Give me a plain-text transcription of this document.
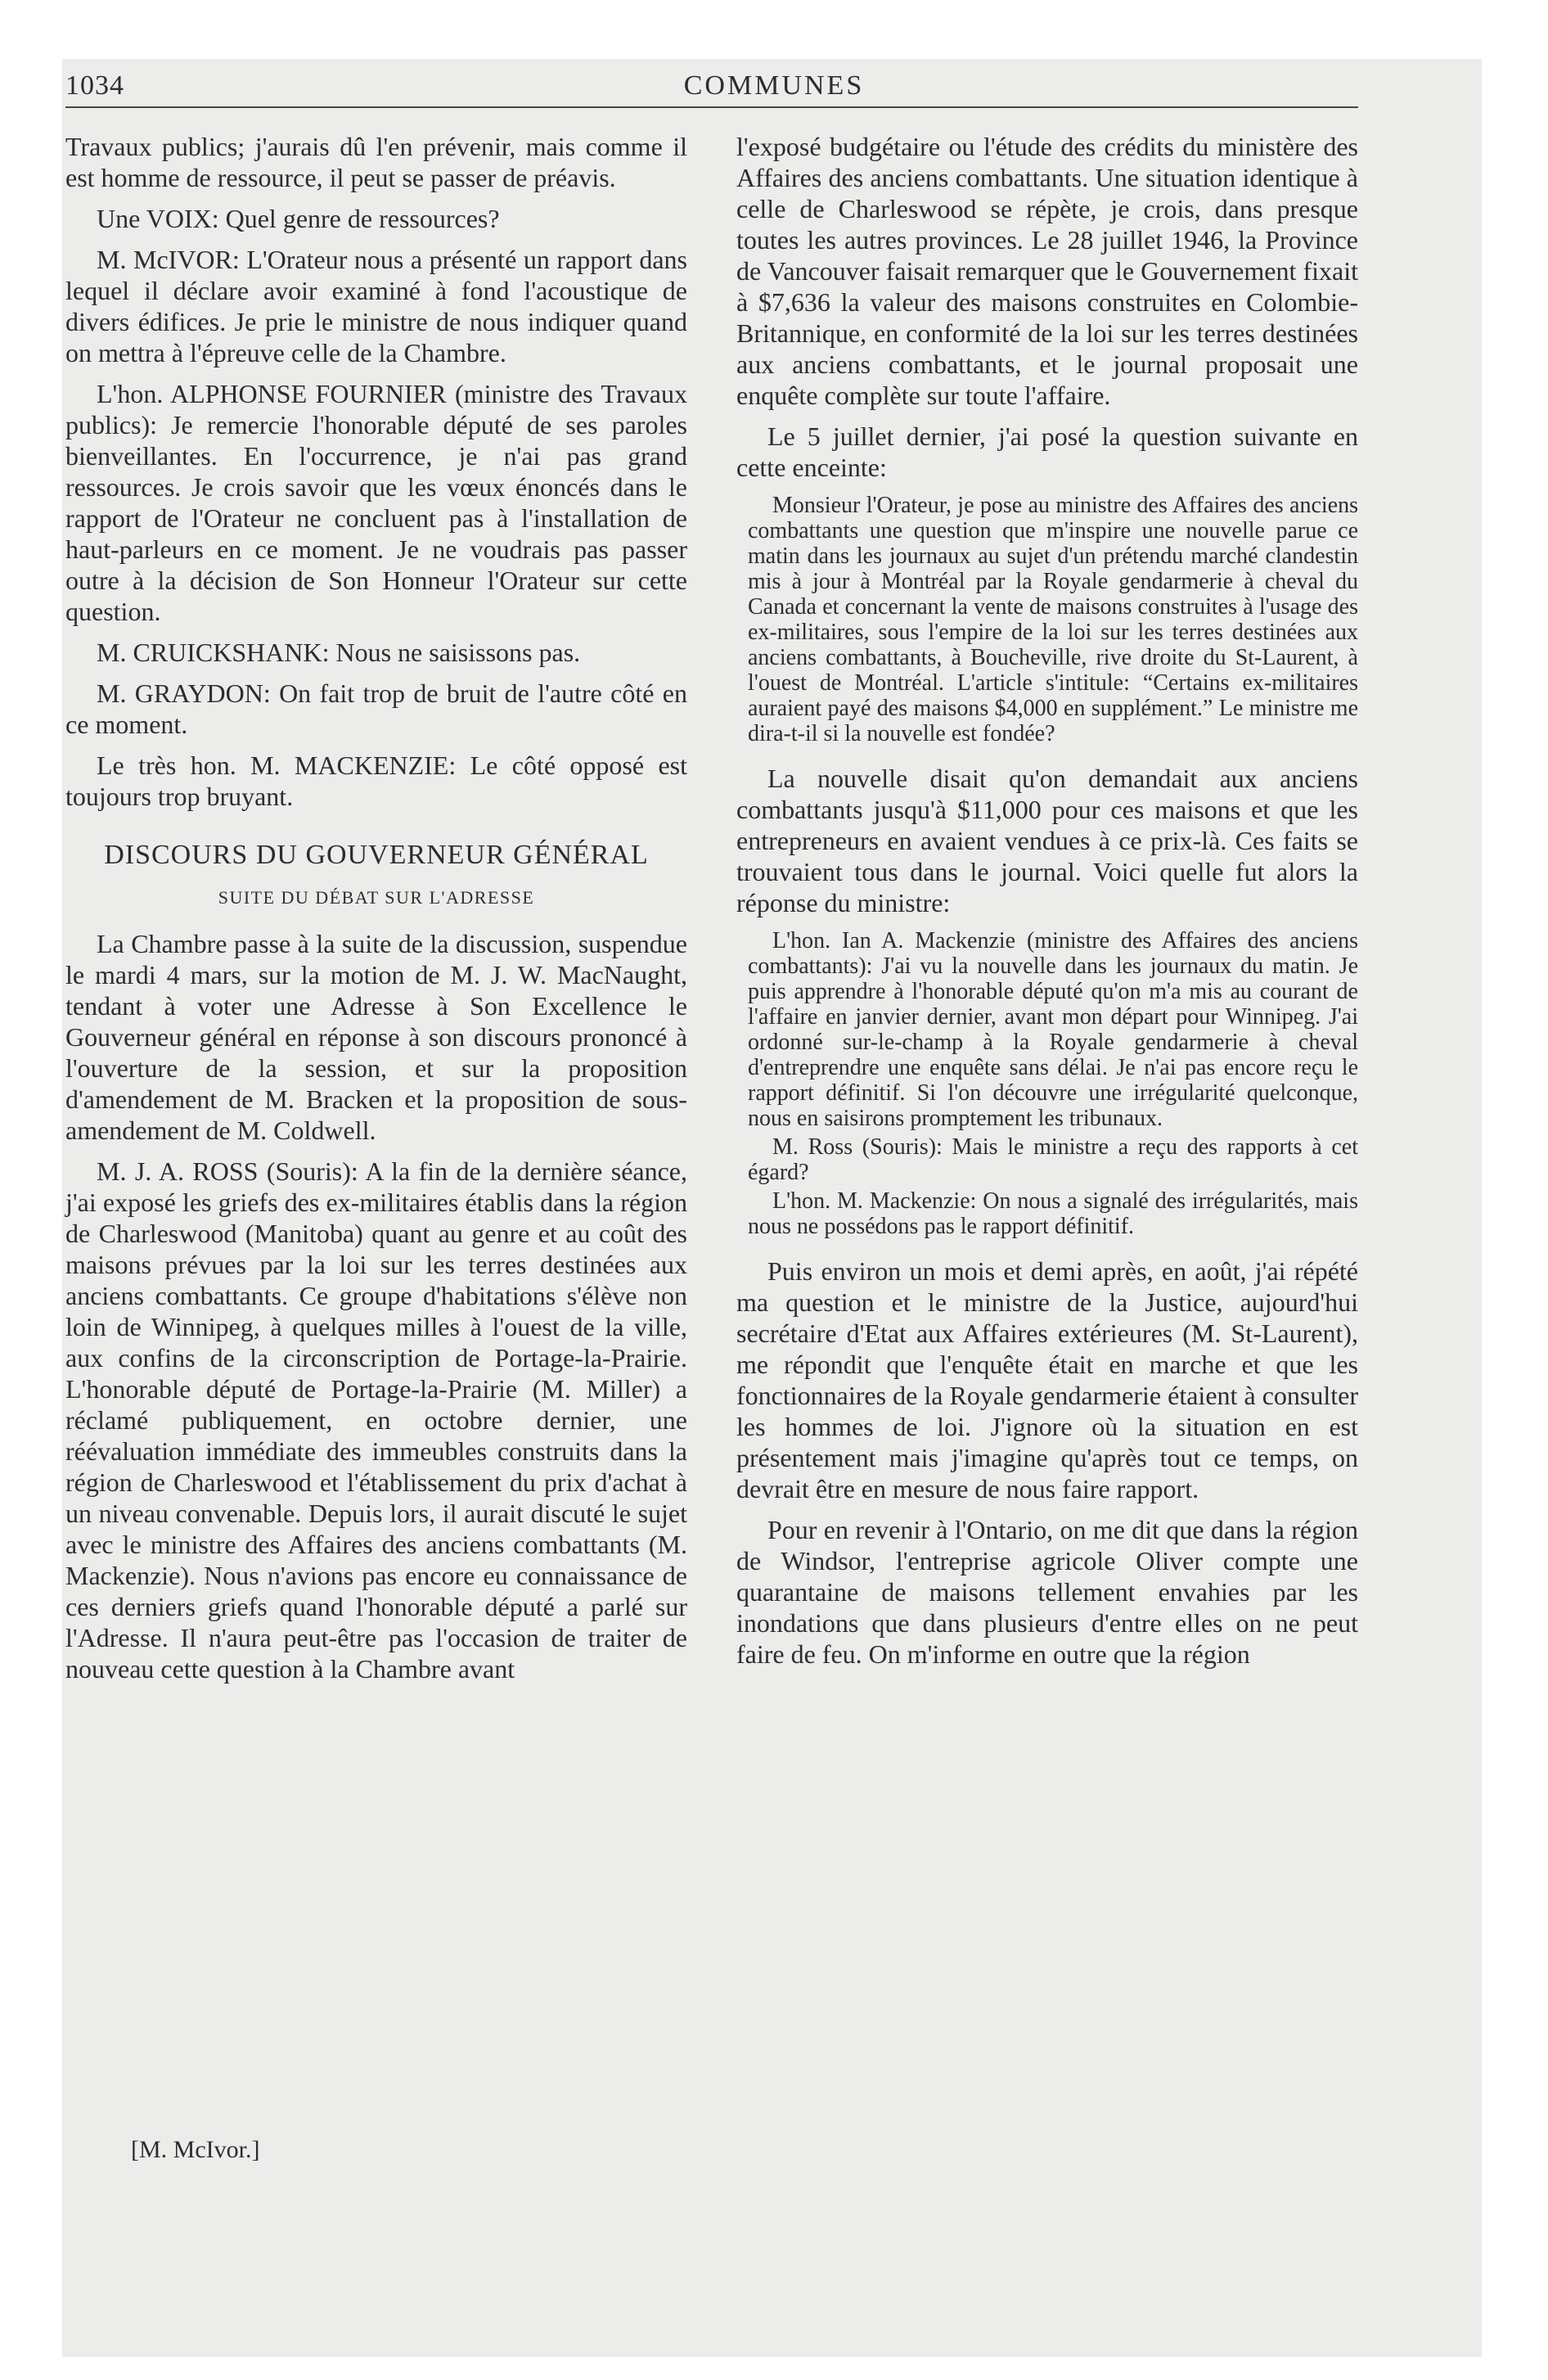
1034	COMMUNES

Travaux publics; j'aurais dû l'en prévenir, mais comme il est homme de ressource, il peut se passer de préavis.

Une VOIX: Quel genre de ressources?

M. McIVOR: L'Orateur nous a présenté un rapport dans lequel il déclare avoir examiné à fond l'acoustique de divers édifices. Je prie le ministre de nous indiquer quand on mettra à l'épreuve celle de la Chambre.

L'hon. ALPHONSE FOURNIER (ministre des Travaux publics): Je remercie l'honorable député de ses paroles bienveillantes. En l'occurrence, je n'ai pas grand ressources. Je crois savoir que les vœux énoncés dans le rapport de l'Orateur ne concluent pas à l'installation de haut-parleurs en ce moment. Je ne voudrais pas passer outre à la décision de Son Honneur l'Orateur sur cette question.

M. CRUICKSHANK: Nous ne saisissons pas.

M. GRAYDON: On fait trop de bruit de l'autre côté en ce moment.

Le très hon. M. MACKENZIE: Le côté opposé est toujours trop bruyant.

DISCOURS DU GOUVERNEUR GÉNÉRAL
SUITE DU DÉBAT SUR L'ADRESSE

La Chambre passe à la suite de la discussion, suspendue le mardi 4 mars, sur la motion de M. J. W. MacNaught, tendant à voter une Adresse à Son Excellence le Gouverneur général en réponse à son discours prononcé à l'ouverture de la session, et sur la proposition d'amendement de M. Bracken et la proposition de sous-amendement de M. Coldwell.

M. J. A. ROSS (Souris): A la fin de la dernière séance, j'ai exposé les griefs des ex-militaires établis dans la région de Charleswood (Manitoba) quant au genre et au coût des maisons prévues par la loi sur les terres destinées aux anciens combattants. Ce groupe d'habitations s'élève non loin de Winnipeg, à quelques milles à l'ouest de la ville, aux confins de la circonscription de Portage-la-Prairie. L'honorable député de Portage-la-Prairie (M. Miller) a réclamé publiquement, en octobre dernier, une réévaluation immédiate des immeubles construits dans la région de Charleswood et l'établissement du prix d'achat à un niveau convenable. Depuis lors, il aurait discuté le sujet avec le ministre des Affaires des anciens combattants (M. Mackenzie). Nous n'avions pas encore eu connaissance de ces derniers griefs quand l'honorable député a parlé sur l'Adresse. Il n'aura peut-être pas l'occasion de traiter de nouveau cette question à la Chambre avant

l'exposé budgétaire ou l'étude des crédits du ministère des Affaires des anciens combattants. Une situation identique à celle de Charleswood se répète, je crois, dans presque toutes les autres provinces. Le 28 juillet 1946, la Province de Vancouver faisait remarquer que le Gouvernement fixait à $7,636 la valeur des maisons construites en Colombie-Britannique, en conformité de la loi sur les terres destinées aux anciens combattants, et le journal proposait une enquête complète sur toute l'affaire.

Le 5 juillet dernier, j'ai posé la question suivante en cette enceinte:

Monsieur l'Orateur, je pose au ministre des Affaires des anciens combattants une question que m'inspire une nouvelle parue ce matin dans les journaux au sujet d'un prétendu marché clandestin mis à jour à Montréal par la Royale gendarmerie à cheval du Canada et concernant la vente de maisons construites à l'usage des ex-militaires, sous l'empire de la loi sur les terres destinées aux anciens combattants, à Boucheville, rive droite du St-Laurent, à l'ouest de Montréal. L'article s'intitule: “Certains ex-militaires auraient payé des maisons $4,000 en supplément.” Le ministre me dira-t-il si la nouvelle est fondée?

La nouvelle disait qu'on demandait aux anciens combattants jusqu'à $11,000 pour ces maisons et que les entrepreneurs en avaient vendues à ce prix-là. Ces faits se trouvaient tous dans le journal. Voici quelle fut alors la réponse du ministre:

L'hon. Ian A. Mackenzie (ministre des Affaires des anciens combattants): J'ai vu la nouvelle dans les journaux du matin. Je puis apprendre à l'honorable député qu'on m'a mis au courant de l'affaire en janvier dernier, avant mon départ pour Winnipeg. J'ai ordonné sur-le-champ à la Royale gendarmerie à cheval d'entreprendre une enquête sans délai. Je n'ai pas encore reçu le rapport définitif. Si l'on découvre une irrégularité quelconque, nous en saisirons promptement les tribunaux.

M. Ross (Souris): Mais le ministre a reçu des rapports à cet égard?

L'hon. M. Mackenzie: On nous a signalé des irrégularités, mais nous ne possédons pas le rapport définitif.

Puis environ un mois et demi après, en août, j'ai répété ma question et le ministre de la Justice, aujourd'hui secrétaire d'Etat aux Affaires extérieures (M. St-Laurent), me répondit que l'enquête était en marche et que les fonctionnaires de la Royale gendarmerie étaient à consulter les hommes de loi. J'ignore où la situation en est présentement mais j'imagine qu'après tout ce temps, on devrait être en mesure de nous faire rapport.

Pour en revenir à l'Ontario, on me dit que dans la région de Windsor, l'entreprise agricole Oliver compte une quarantaine de maisons tellement envahies par les inondations que dans plusieurs d'entre elles on ne peut faire de feu. On m'informe en outre que la région

[M. McIvor.]
